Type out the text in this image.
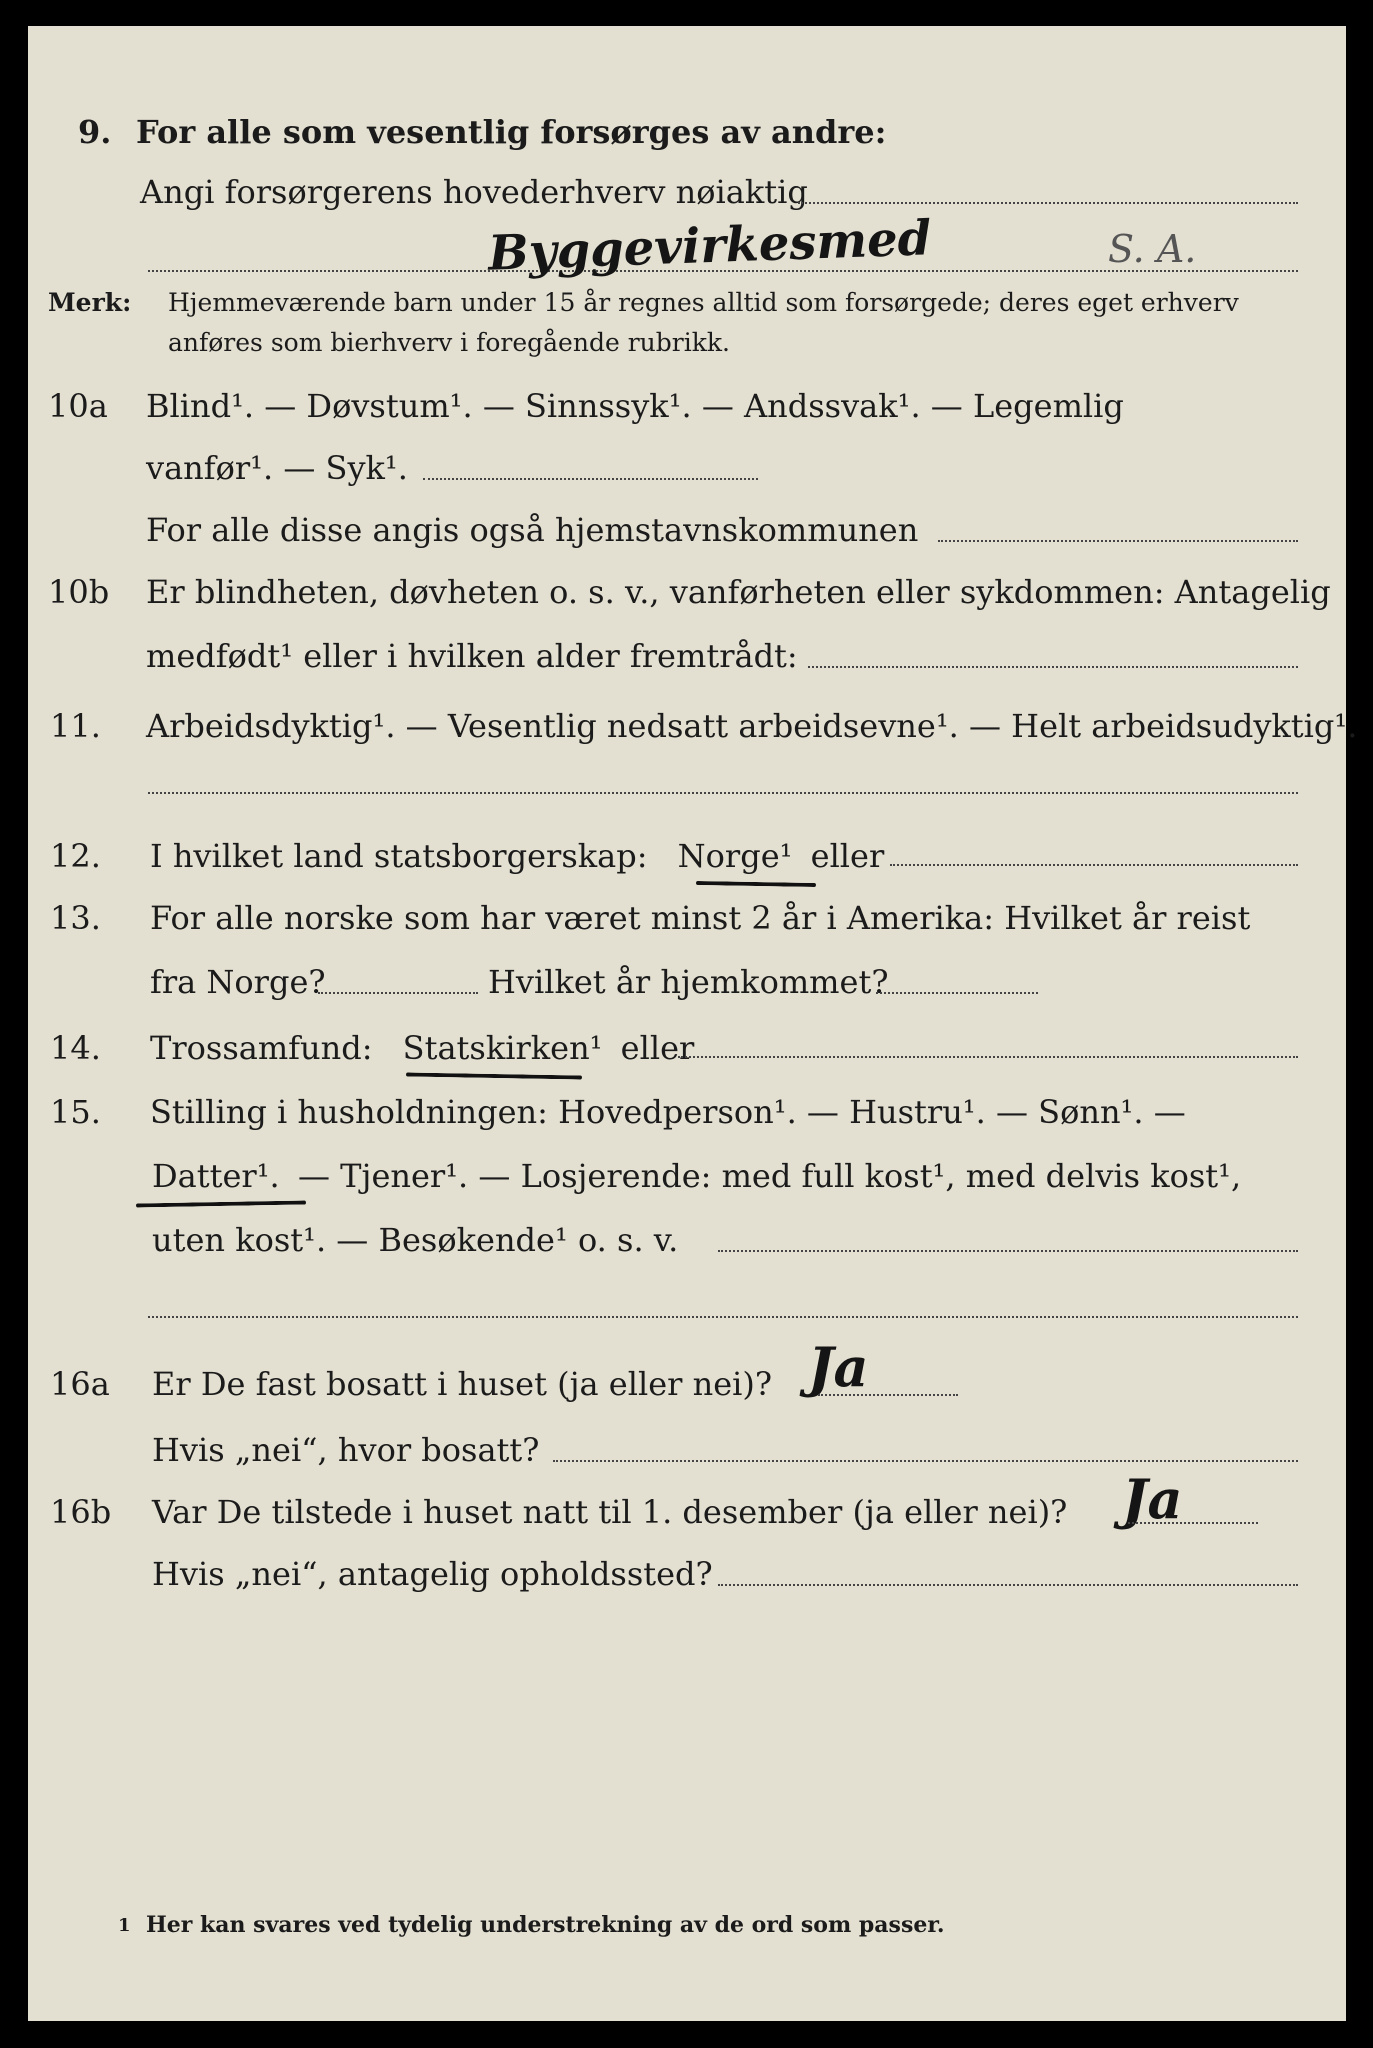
9. For alle som vesentlig forsørges av andre:
Angi forsørgerens hovederhverv nøiaktig
Byggevirkesmed	S. A.
Merk: Hjemmeværende barn under 15 år regnes alltid som forsørgede; deres eget erhverv
anføres som bierhverv i foregående rubrikk.
10a Blind¹. — Døvstum¹. — Sinnssyk¹. — Andssvak¹. — Legemlig
vanfør¹. — Syk¹.
For alle disse angis også hjemstavnskommunen
10b Er blindheten, døvheten o. s. v., vanførheten eller sykdommen: Antagelig
medfødt¹ eller i hvilken alder fremtrådt:
11. Arbeidsdyktig¹. — Vesentlig nedsatt arbeidsevne¹. — Helt arbeidsudyktig¹.
12. I hvilket land statsborgerskap: Norge¹ eller
13. For alle norske som har været minst 2 år i Amerika: Hvilket år reist
fra Norge?	Hvilket år hjemkommet?
14. Trossamfund: Statskirken¹ eller
15. Stilling i husholdningen: Hovedperson¹. — Hustru¹. — Sønn¹. —
Datter¹. — Tjener¹. — Losjerende: med full kost¹, med delvis kost¹,
uten kost¹. — Besøkende¹ o. s. v.
16a Er De fast bosatt i huset (ja eller nei)? Ja
Hvis „nei“, hvor bosatt?
16b Var De tilstede i huset natt til 1. desember (ja eller nei)? Ja
Hvis „nei“, antagelig opholdssted?
1 Her kan svares ved tydelig understrekning av de ord som passer.
